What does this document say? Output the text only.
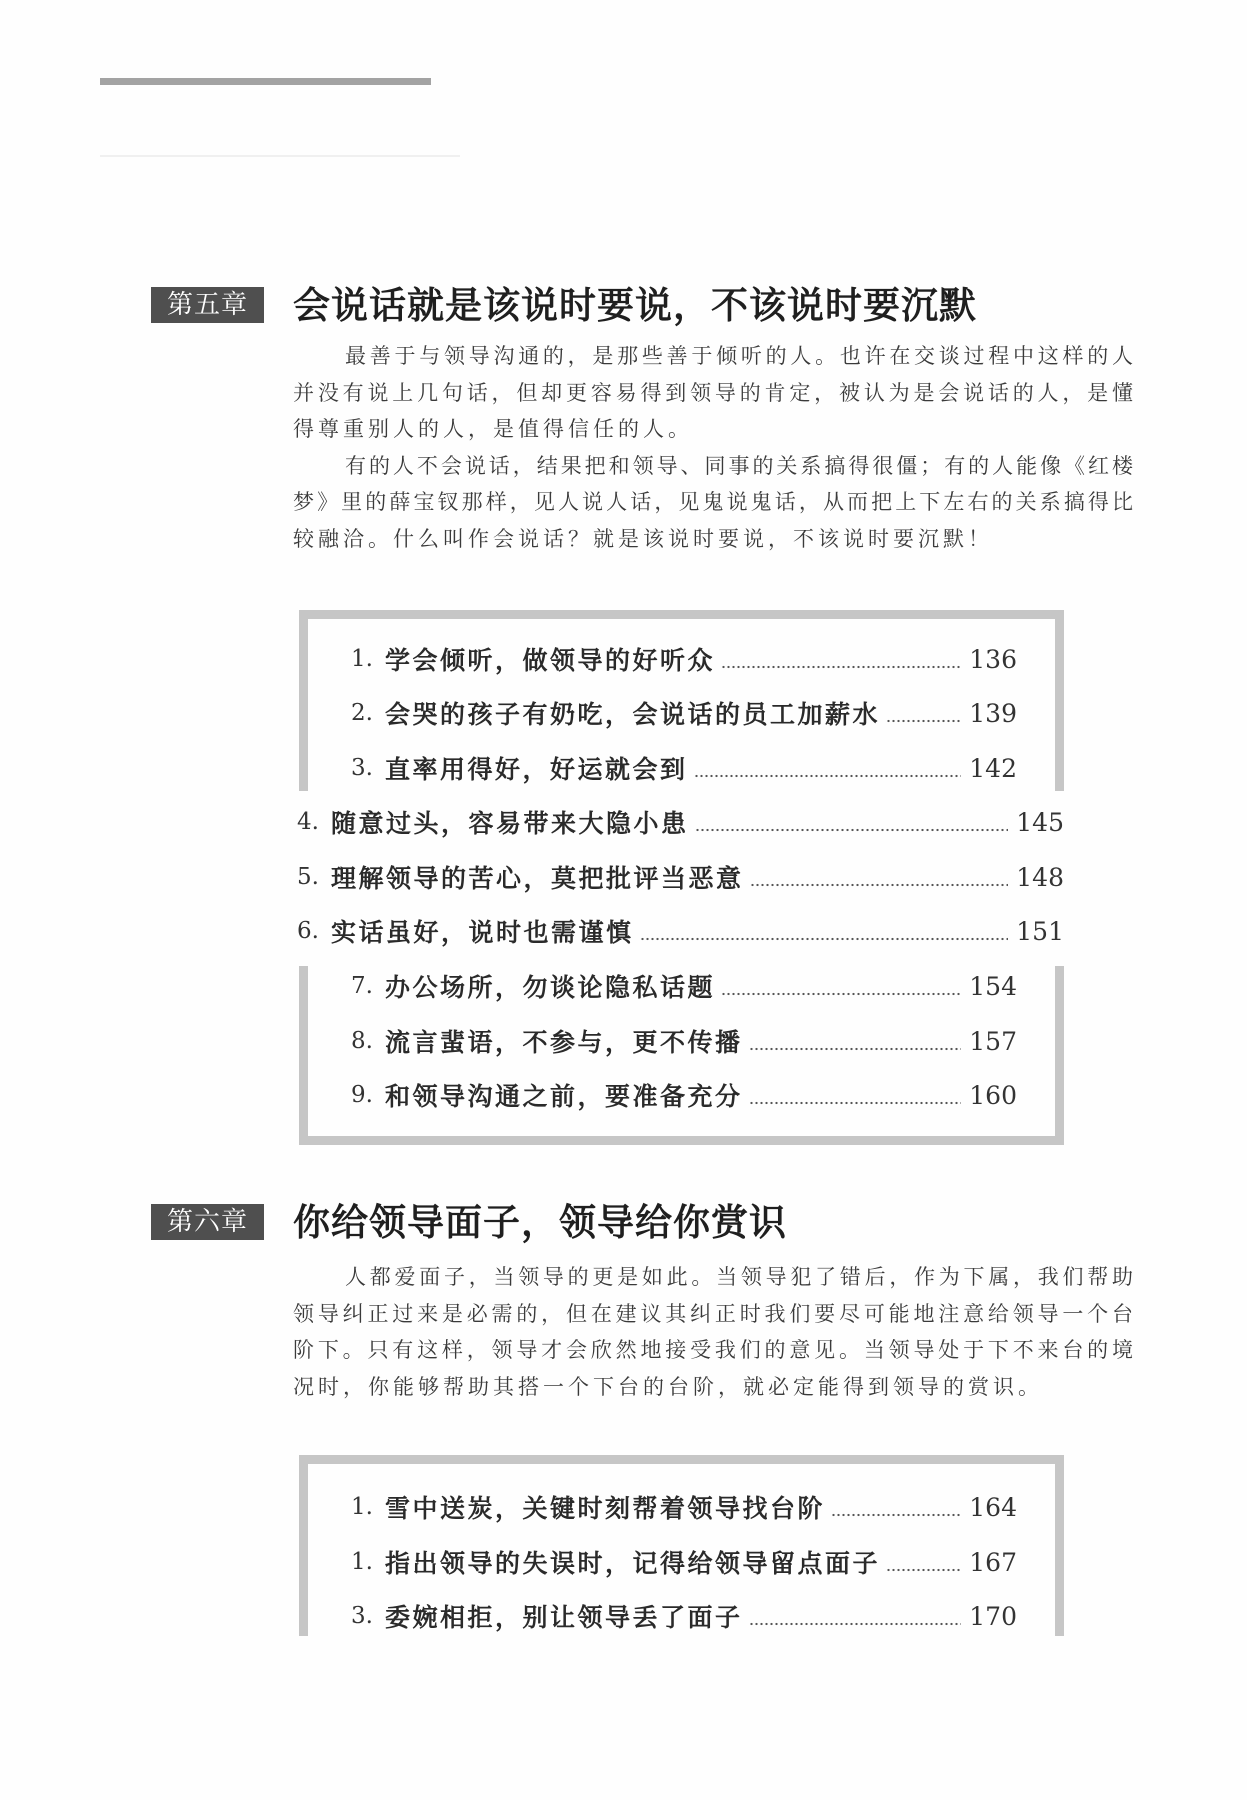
第五章	会说话就是该说时要说，不该说时要沉默
最善于与领导沟通的，是那些善于倾听的人。也许在交谈过程中这样的人
并没有说上几句话，但却更容易得到领导的肯定，被认为是会说话的人，是懂
得尊重别人的人，是值得信任的人。
有的人不会说话，结果把和领导、同事的关系搞得很僵；有的人能像《红楼
梦》里的薛宝钗那样，见人说人话，见鬼说鬼话，从而把上下左右的关系搞得比
较融洽。什么叫作会说话？就是该说时要说，不该说时要沉默！
1. 学会倾听，做领导的好听众	136
2. 会哭的孩子有奶吃，会说话的员工加薪水	139
3. 直率用得好，好运就会到	142
4. 随意过头，容易带来大隐小患	145
5. 理解领导的苦心，莫把批评当恶意	148
6. 实话虽好，说时也需谨慎	151
7. 办公场所，勿谈论隐私话题	154
8. 流言蜚语，不参与，更不传播	157
9. 和领导沟通之前，要准备充分	160
第六章	你给领导面子，领导给你赏识
人都爱面子，当领导的更是如此。当领导犯了错后，作为下属，我们帮助
领导纠正过来是必需的，但在建议其纠正时我们要尽可能地注意给领导一个台
阶下。只有这样，领导才会欣然地接受我们的意见。当领导处于下不来台的境
况时，你能够帮助其搭一个下台的台阶，就必定能得到领导的赏识。
1. 雪中送炭，关键时刻帮着领导找台阶	164
1. 指出领导的失误时，记得给领导留点面子	167
3. 委婉相拒，别让领导丢了面子	170
